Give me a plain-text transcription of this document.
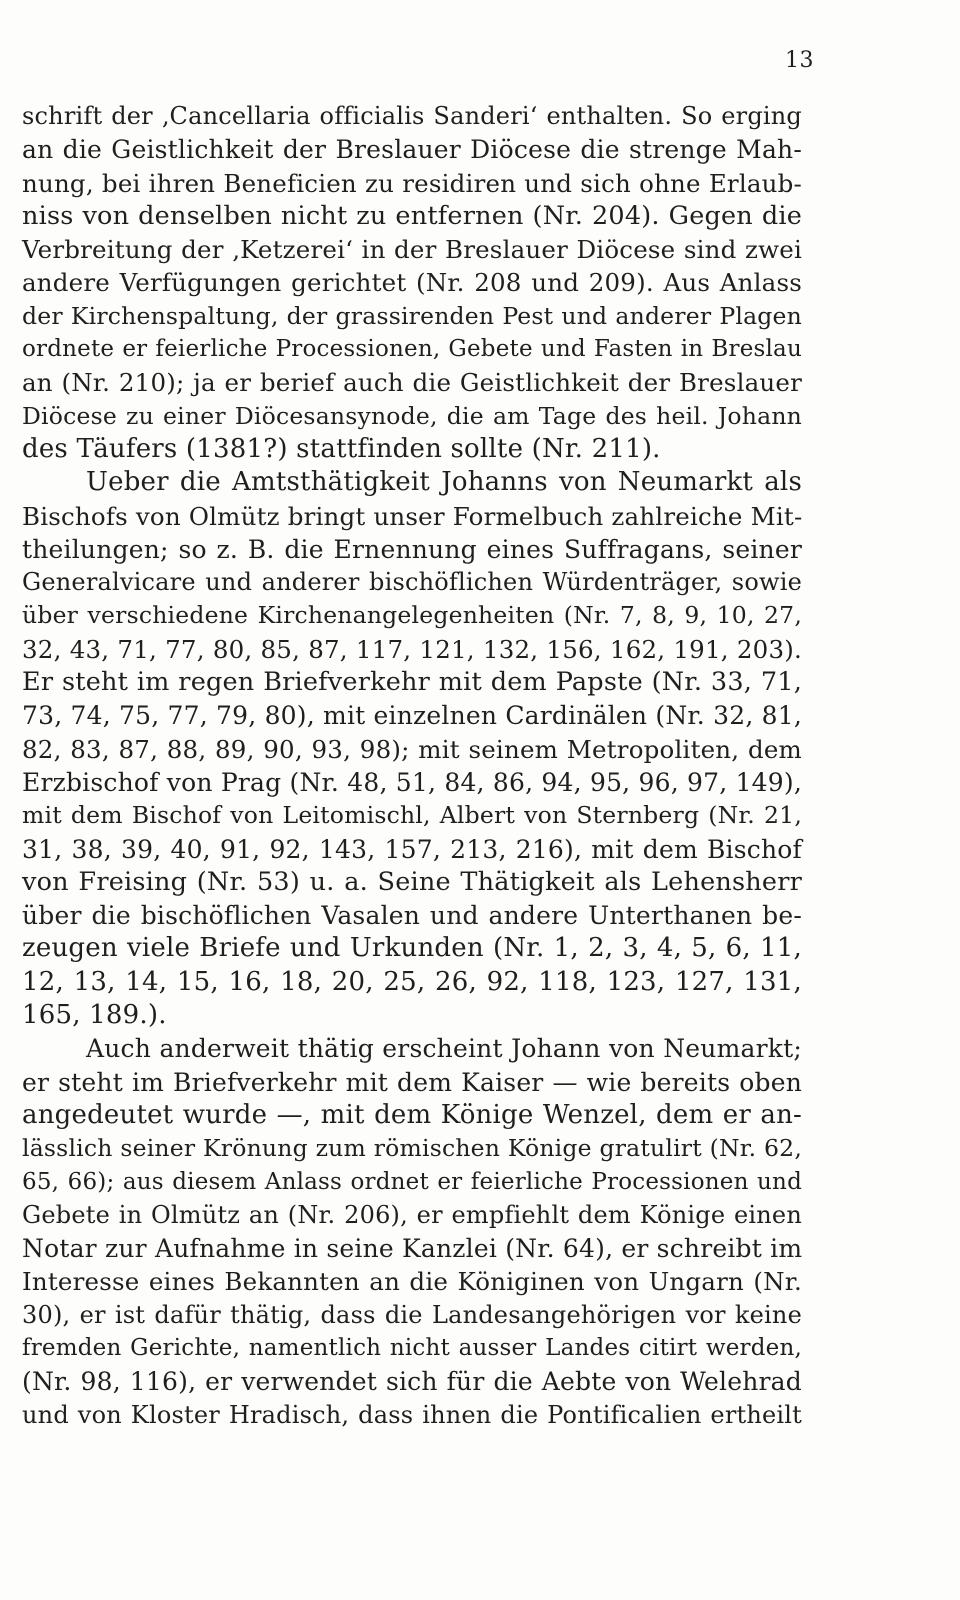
13
schrift der ‚Cancellaria officialis Sanderi‘ enthalten. So erging
an die Geistlichkeit der Breslauer Diöcese die strenge Mah-
nung, bei ihren Beneficien zu residiren und sich ohne Erlaub-
niss von denselben nicht zu entfernen (Nr. 204). Gegen die
Verbreitung der ‚Ketzerei‘ in der Breslauer Diöcese sind zwei
andere Verfügungen gerichtet (Nr. 208 und 209). Aus Anlass
der Kirchenspaltung, der grassirenden Pest und anderer Plagen
ordnete er feierliche Processionen, Gebete und Fasten in Breslau
an (Nr. 210); ja er berief auch die Geistlichkeit der Breslauer
Diöcese zu einer Diöcesansynode, die am Tage des heil. Johann
des Täufers (1381?) stattfinden sollte (Nr. 211).
Ueber die Amtsthätigkeit Johanns von Neumarkt als
Bischofs von Olmütz bringt unser Formelbuch zahlreiche Mit-
theilungen; so z. B. die Ernennung eines Suffragans, seiner
Generalvicare und anderer bischöflichen Würdenträger, sowie
über verschiedene Kirchenangelegenheiten (Nr. 7, 8, 9, 10, 27,
32, 43, 71, 77, 80, 85, 87, 117, 121, 132, 156, 162, 191, 203).
Er steht im regen Briefverkehr mit dem Papste (Nr. 33, 71,
73, 74, 75, 77, 79, 80), mit einzelnen Cardinälen (Nr. 32, 81,
82, 83, 87, 88, 89, 90, 93, 98); mit seinem Metropoliten, dem
Erzbischof von Prag (Nr. 48, 51, 84, 86, 94, 95, 96, 97, 149),
mit dem Bischof von Leitomischl, Albert von Sternberg (Nr. 21,
31, 38, 39, 40, 91, 92, 143, 157, 213, 216), mit dem Bischof
von Freising (Nr. 53) u. a. Seine Thätigkeit als Lehensherr
über die bischöflichen Vasalen und andere Unterthanen be-
zeugen viele Briefe und Urkunden (Nr. 1, 2, 3, 4, 5, 6, 11,
12, 13, 14, 15, 16, 18, 20, 25, 26, 92, 118, 123, 127, 131,
165, 189.).
Auch anderweit thätig erscheint Johann von Neumarkt;
er steht im Briefverkehr mit dem Kaiser — wie bereits oben
angedeutet wurde —, mit dem Könige Wenzel, dem er an-
lässlich seiner Krönung zum römischen Könige gratulirt (Nr. 62,
65, 66); aus diesem Anlass ordnet er feierliche Processionen und
Gebete in Olmütz an (Nr. 206), er empfiehlt dem Könige einen
Notar zur Aufnahme in seine Kanzlei (Nr. 64), er schreibt im
Interesse eines Bekannten an die Königinen von Ungarn (Nr.
30), er ist dafür thätig, dass die Landesangehörigen vor keine
fremden Gerichte, namentlich nicht ausser Landes citirt werden,
(Nr. 98, 116), er verwendet sich für die Aebte von Welehrad
und von Kloster Hradisch, dass ihnen die Pontificalien ertheilt
